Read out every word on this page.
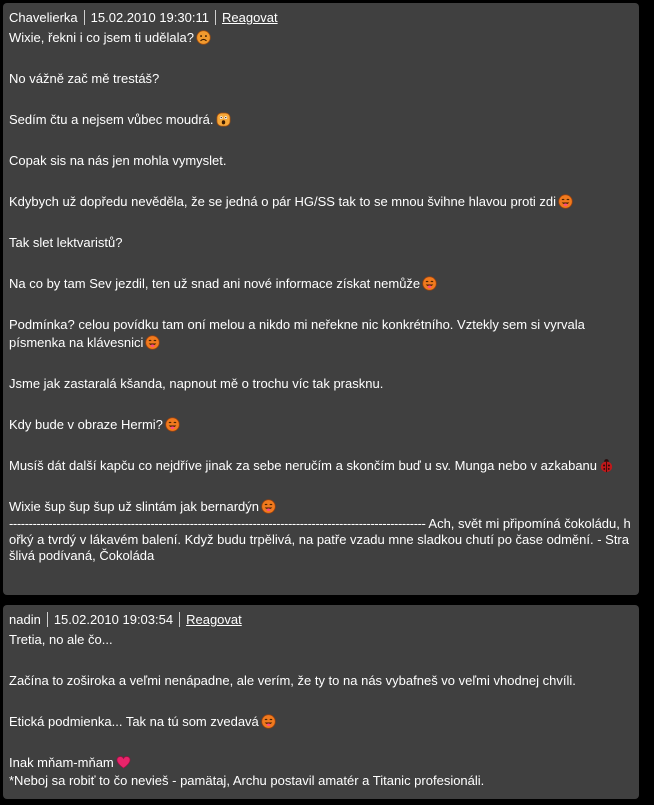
Chavelierka 15.02.2010 19:30:11 Reagovat
Wixie, řekni i co jsem ti udělala?
No vážně zač mě trestáš?
Sedím čtu a nejsem vůbec moudrá.
Copak sis na nás jen mohla vymyslet.
Kdybych už dopředu nevěděla, že se jedná o pár HG/SS tak to se mnou švihne hlavou proti zdi
Tak slet lektvaristů?
Na co by tam Sev jezdil, ten už snad ani nové informace získat nemůže
Podmínka? celou povídku tam oní melou a nikdo mi neřekne nic konkrétního. Vztekly sem si vyrvala písmenka na klávesnici
Jsme jak zastaralá kšanda, napnout mě o trochu víc tak prasknu.
Kdy bude v obraze Hermi?
Musíš dát další kapču co nejdříve jinak za sebe neručím a skončím buď u sv. Munga nebo v azkabanu
Wixie šup šup šup už slintám jak bernardýn
---------------------------------------------------------------------------------------------------------- Ach, svět mi připomíná čokoládu, hořký a tvrdý v lákavém balení. Když budu trpělivá, na patře vzadu mne sladkou chutí po čase odmění. - Strašlivá podívaná, Čokoláda
nadin 15.02.2010 19:03:54 Reagovat
Tretia, no ale čo...
Začína to zoširoka a veľmi nenápadne, ale verím, že ty to na nás vybafneš vo veľmi vhodnej chvíli.
Etická podmienka... Tak na tú som zvedavá
Inak mňam-mňam
*Neboj sa robiť to čo nevieš - pamätaj, Archu postavil amatér a Titanic profesionáli.
